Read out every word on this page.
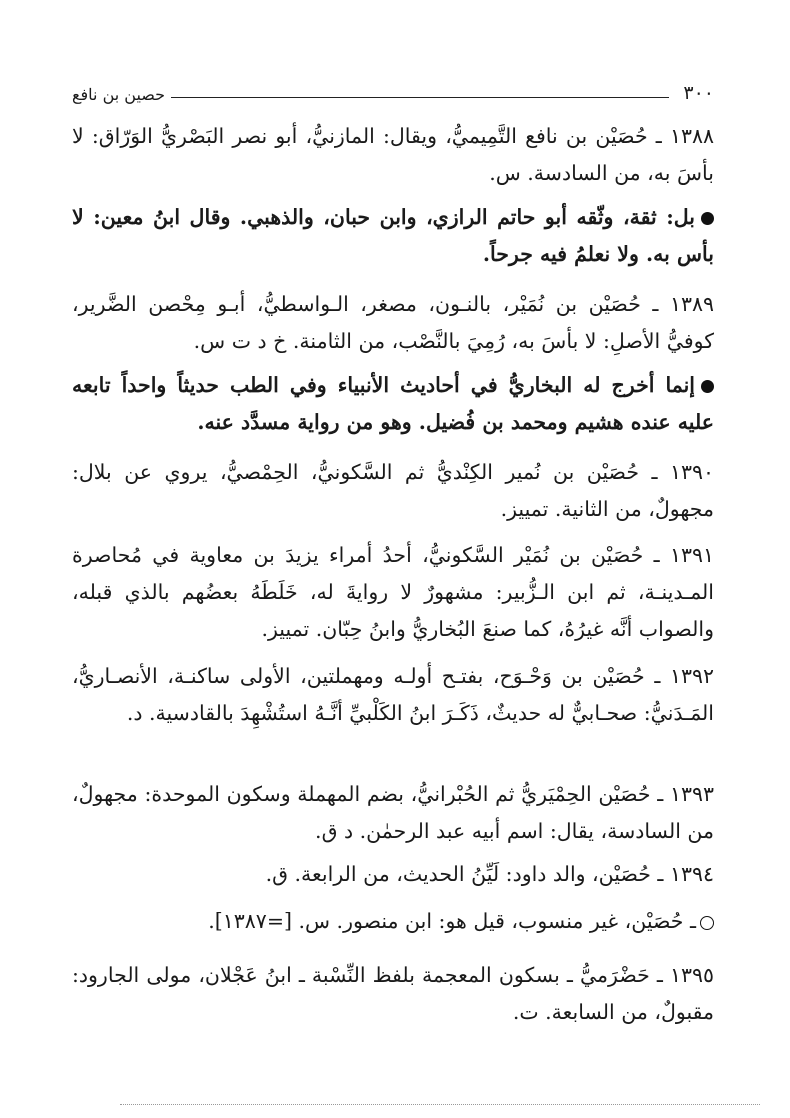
٣٠٠
حصين بن نافع

١٣٨٨ ـ حُصَيْن بن نافع التَّمِيميُّ، ويقال: المازنيُّ، أبو نصر البَصْريُّ الوَرّاق: لا بأسَ به، من السادسة. س.

بل: ثقة، وثّقه أبو حاتم الرازي، وابن حبان، والذهبي. وقال ابنُ معين: لا بأس به. ولا نعلمُ فيه جرحاً.

١٣٨٩ ـ حُصَيْن بن نُمَيْر، بالنـون، مصغر، الـواسطيُّ، أبـو مِحْصن الضَّرير، كوفيُّ الأصلِ: لا بأسَ به، رُمِيَ بالنَّصْب، من الثامنة. خ د ت س.

إنما أخرج له البخاريُّ في أحاديث الأنبياء وفي الطب حديثاً واحداً تابعه عليه عنده هشيم ومحمد بن فُضيل. وهو من رواية مسدَّد عنه.

١٣٩٠ ـ حُصَيْن بن نُمير الكِنْديُّ ثم السَّكونيُّ، الحِمْصيُّ، يروي عن بلال: مجهولٌ، من الثانية. تمييز.

١٣٩١ ـ حُصَيْن بن نُمَيْر السَّكونيُّ، أحدُ أمراء يزيدَ بن معاوية في مُحاصرة المـدينـة، ثم ابن الـزُّبير: مشهورٌ لا روايةَ له، خَلَطَهُ بعضُهم بالذي قبله، والصواب أنَّه غيرُهُ، كما صنعَ البُخاريُّ وابنُ حِبّان. تمييز.

١٣٩٢ ـ حُصَيْن بن وَحْـوَح، بفتـح أولـه ومهملتين، الأولى ساكنـة، الأنصـاريُّ، المَـدَنيُّ: صحـابيٌّ له حديثٌ، ذَكَـرَ ابنُ الكَلْبيِّ أنَّـهُ استُشْهِدَ بالقادسية. د.

١٣٩٣ ـ حُصَيْن الحِمْيَريُّ ثم الحُبْرانيُّ، بضم المهملة وسكون الموحدة: مجهولٌ، من السادسة، يقال: اسم أبيه عبد الرحمٰن. د ق.

١٣٩٤ ـ حُصَيْن، والد داود: لَيِّنُ الحديث، من الرابعة. ق.

ـ حُصَيْن، غير منسوب، قيل هو: ابن منصور. س. [=١٣٨٧].

١٣٩٥ ـ حَضْرَميُّ ـ بسكون المعجمة بلفظ النِّسْبة ـ ابنُ عَجْلان، مولى الجارود: مقبولٌ، من السابعة. ت.
